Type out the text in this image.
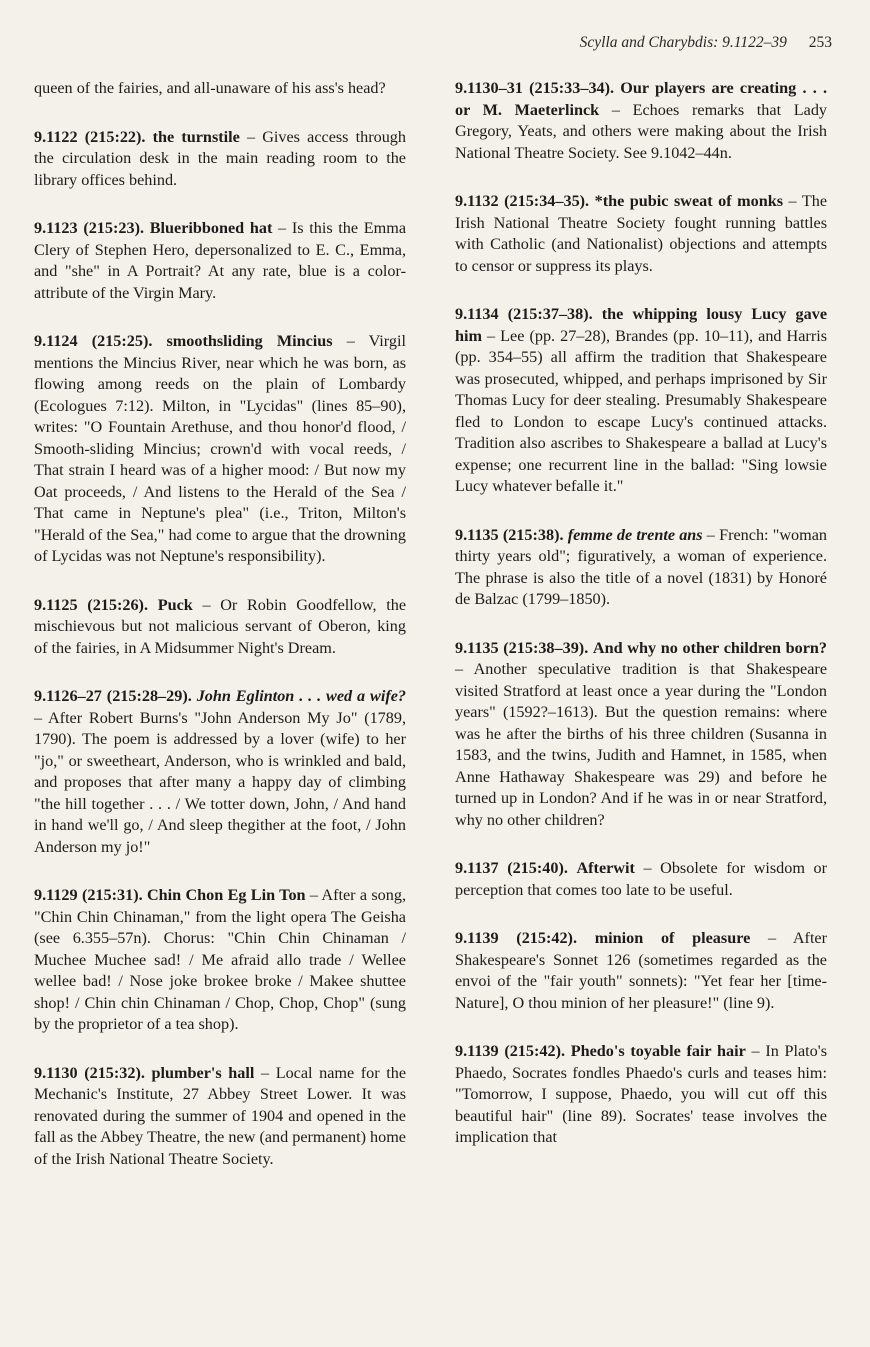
Scylla and Charybdis: 9.1122–39 253

queen of the fairies, and all-unaware of his ass's head?

9.1122 (215:22). the turnstile – Gives access through the circulation desk in the main reading room to the library offices behind.

9.1123 (215:23). Blueribboned hat – Is this the Emma Clery of Stephen Hero, depersonalized to E. C., Emma, and "she" in A Portrait? At any rate, blue is a color-attribute of the Virgin Mary.

9.1124 (215:25). smoothsliding Mincius – Virgil mentions the Mincius River, near which he was born, as flowing among reeds on the plain of Lombardy (Ecologues 7:12). Milton, in "Lycidas" (lines 85–90), writes: "O Fountain Arethuse, and thou honor'd flood, / Smooth-sliding Mincius; crown'd with vocal reeds, / That strain I heard was of a higher mood: / But now my Oat proceeds, / And listens to the Herald of the Sea / That came in Neptune's plea" (i.e., Triton, Milton's "Herald of the Sea," had come to argue that the drowning of Lycidas was not Neptune's responsibility).

9.1125 (215:26). Puck – Or Robin Goodfellow, the mischievous but not malicious servant of Oberon, king of the fairies, in A Midsummer Night's Dream.

9.1126–27 (215:28–29). John Eglinton . . . wed a wife? – After Robert Burns's "John Anderson My Jo" (1789, 1790). The poem is addressed by a lover (wife) to her "jo," or sweetheart, Anderson, who is wrinkled and bald, and proposes that after many a happy day of climbing "the hill together . . . / We totter down, John, / And hand in hand we'll go, / And sleep thegither at the foot, / John Anderson my jo!"

9.1129 (215:31). Chin Chon Eg Lin Ton – After a song, "Chin Chin Chinaman," from the light opera The Geisha (see 6.355–57n). Chorus: "Chin Chin Chinaman / Muchee Muchee sad! / Me afraid allo trade / Wellee wellee bad! / Nose joke brokee broke / Makee shuttee shop! / Chin chin Chinaman / Chop, Chop, Chop" (sung by the proprietor of a tea shop).

9.1130 (215:32). plumber's hall – Local name for the Mechanic's Institute, 27 Abbey Street Lower. It was renovated during the summer of 1904 and opened in the fall as the Abbey Theatre, the new (and permanent) home of the Irish National Theatre Society.

9.1130–31 (215:33–34). Our players are creating . . . or M. Maeterlinck – Echoes remarks that Lady Gregory, Yeats, and others were making about the Irish National Theatre Society. See 9.1042–44n.

9.1132 (215:34–35). *the pubic sweat of monks – The Irish National Theatre Society fought running battles with Catholic (and Nationalist) objections and attempts to censor or suppress its plays.

9.1134 (215:37–38). the whipping lousy Lucy gave him – Lee (pp. 27–28), Brandes (pp. 10–11), and Harris (pp. 354–55) all affirm the tradition that Shakespeare was prosecuted, whipped, and perhaps imprisoned by Sir Thomas Lucy for deer stealing. Presumably Shakespeare fled to London to escape Lucy's continued attacks. Tradition also ascribes to Shakespeare a ballad at Lucy's expense; one recurrent line in the ballad: "Sing lowsie Lucy whatever befalle it."

9.1135 (215:38). femme de trente ans – French: "woman thirty years old"; figuratively, a woman of experience. The phrase is also the title of a novel (1831) by Honoré de Balzac (1799–1850).

9.1135 (215:38–39). And why no other children born? – Another speculative tradition is that Shakespeare visited Stratford at least once a year during the "London years" (1592?–1613). But the question remains: where was he after the births of his three children (Susanna in 1583, and the twins, Judith and Hamnet, in 1585, when Anne Hathaway Shakespeare was 29) and before he turned up in London? And if he was in or near Stratford, why no other children?

9.1137 (215:40). Afterwit – Obsolete for wisdom or perception that comes too late to be useful.

9.1139 (215:42). minion of pleasure – After Shakespeare's Sonnet 126 (sometimes regarded as the envoi of the "fair youth" sonnets): "Yet fear her [time-Nature], O thou minion of her pleasure!" (line 9).

9.1139 (215:42). Phedo's toyable fair hair – In Plato's Phaedo, Socrates fondles Phaedo's curls and teases him: "Tomorrow, I suppose, Phaedo, you will cut off this beautiful hair" (line 89). Socrates' tease involves the implication that
